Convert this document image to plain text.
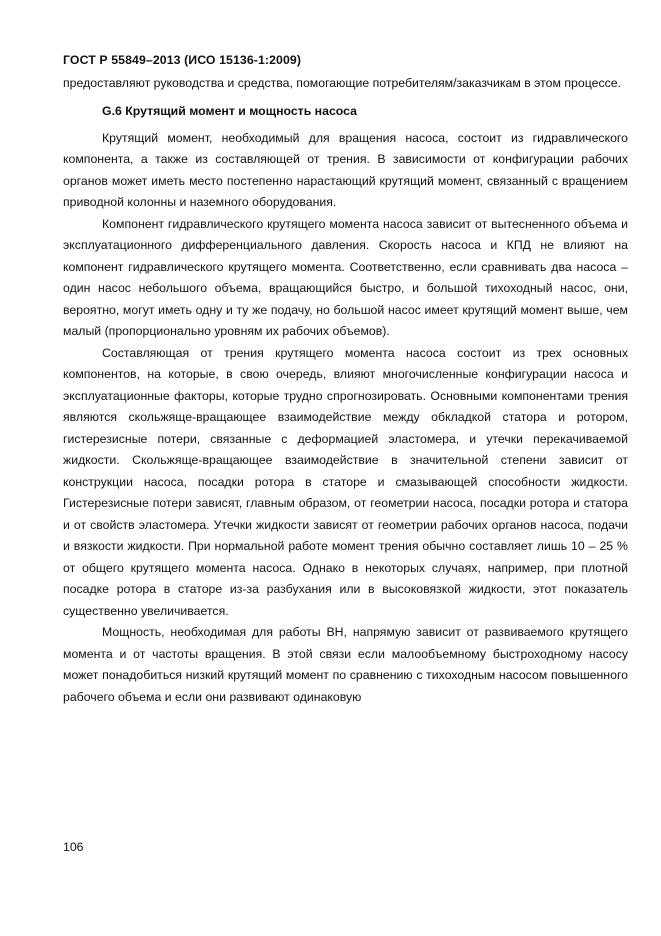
ГОСТ Р 55849–2013 (ИСО 15136-1:2009)

предоставляют руководства и средства, помогающие потребителям/заказчикам в этом процессе.

G.6 Крутящий момент и мощность насоса

Крутящий момент, необходимый для вращения насоса, состоит из гидравлического компонента, а также из составляющей от трения. В зависимости от конфигурации рабочих органов может иметь место постепенно нарастающий крутящий момент, связанный с вращением приводной колонны и наземного оборудования.

Компонент гидравлического крутящего момента насоса зависит от вытесненного объема и эксплуатационного дифференциального давления. Скорость насоса и КПД не влияют на компонент гидравлического крутящего момента. Соответственно, если сравнивать два насоса – один насос небольшого объема, вращающийся быстро, и большой тихоходный насос, они, вероятно, могут иметь одну и ту же подачу, но большой насос имеет крутящий момент выше, чем малый (пропорционально уровням их рабочих объемов).

Составляющая от трения крутящего момента насоса состоит из трех основных компонентов, на которые, в свою очередь, влияют многочисленные конфигурации насоса и эксплуатационные факторы, которые трудно спрогнозировать. Основными компонентами трения являются скольжяще-вращающее взаимодействие между обкладкой статора и ротором, гистерезисные потери, связанные с деформацией эластомера, и утечки перекачиваемой жидкости. Скольжяще-вращающее взаимодействие в значительной степени зависит от конструкции насоса, посадки ротора в статоре и смазывающей способности жидкости. Гистерезисные потери зависят, главным образом, от геометрии насоса, посадки ротора и статора и от свойств эластомера. Утечки жидкости зависят от геометрии рабочих органов насоса, подачи и вязкости жидкости. При нормальной работе момент трения обычно составляет лишь 10 – 25 % от общего крутящего момента насоса. Однако в некоторых случаях, например, при плотной посадке ротора в статоре из-за разбухания или в высоковязкой жидкости, этот показатель существенно увеличивается.

Мощность, необходимая для работы ВН, напрямую зависит от развиваемого крутящего момента и от частоты вращения. В этой связи если малообъемному быстроходному насосу может понадобиться низкий крутящий момент по сравнению с тихоходным насосом повышенного рабочего объема и если они развивают одинаковую

106
